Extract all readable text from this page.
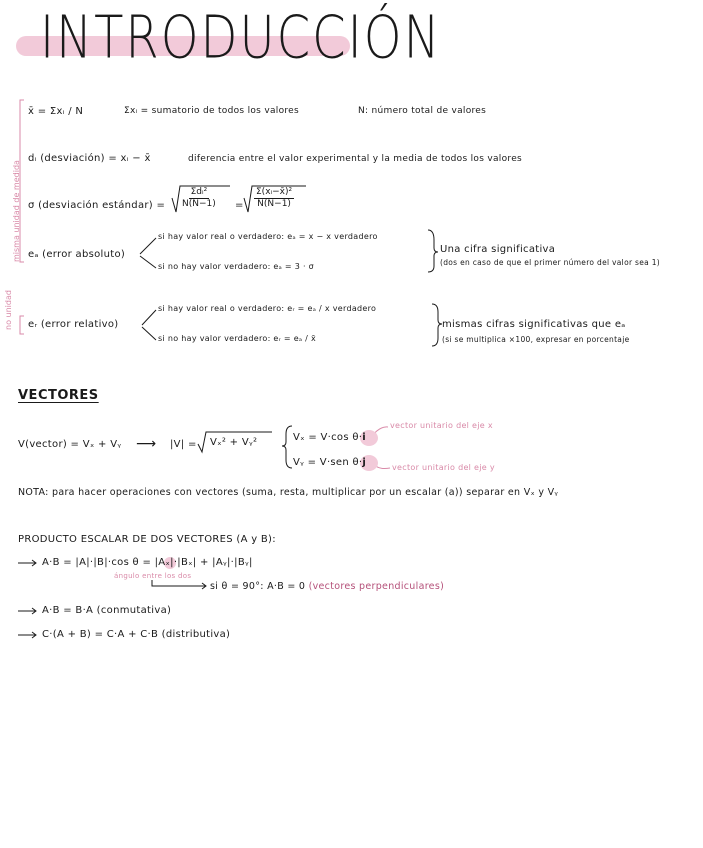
INTRODUCCIÓN
misma unidad de medida
no unidad
x̄ = Σxᵢ / N	Σxᵢ = sumatorio de todos los valores	N: número total de valores
dᵢ (desviación) = xᵢ − x̄	diferencia entre el valor experimental y la media de todos los valores
σ (desviación estándar) = $\frac{\text{Σdᵢ²}}{N(N-1)} = \frac{\text{Σ(xᵢ−x̄)²}}{N(N-1)}$
eₐ (error absoluto)
si hay valor real o verdadero: eₐ = x − x verdadero
si no hay valor verdadero: eₐ = 3 · σ
Una cifra significativa
(dos en caso de que el primer número del valor sea 1)
eᵣ (error relativo)
si hay valor real o verdadero: eᵣ = eₐ / x verdadero
si no hay valor verdadero: eᵣ = eₐ / x̄
mismas cifras significativas que eₐ
(si se multiplica ×100, expresar en porcentaje
VECTORES
V(vector) = Vₓ + Vᵧ ⟶ |V| = Vₓ² + Vᵧ²	Vₓ = V·cos θ·i
Vᵧ = V·sen θ·j
vector unitario del eje x
vector unitario del eje y
NOTA: para hacer operaciones con vectores (suma, resta, multiplicar por un escalar (a)) separar en Vₓ y Vᵧ
PRODUCTO ESCALAR DE DOS VECTORES (A y B):
A·B = |A|·|B|·cos θ = |Aₓ|·|Bₓ| + |Aᵧ|·|Bᵧ|
ángulo entre los dos
si θ = 90°: A·B = 0 (vectores perpendiculares)
A·B = B·A (conmutativa)
C·(A + B) = C·A + C·B (distributiva)
